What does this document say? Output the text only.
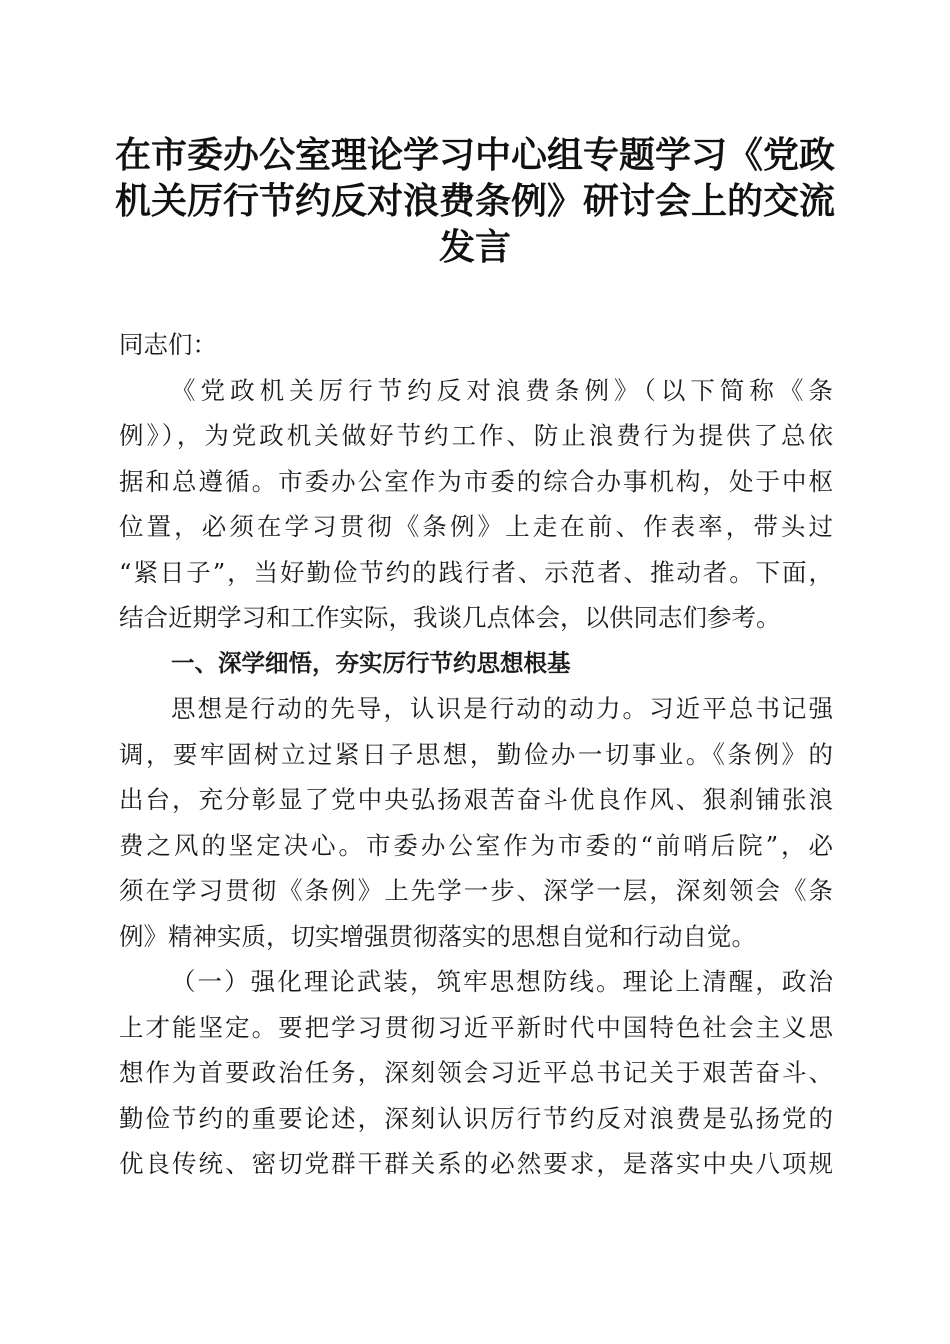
在市委办公室理论学习中心组专题学习《党政
机关厉行节约反对浪费条例》研讨会上的交流
发言
同志们：
《党政机关厉行节约反对浪费条例》（以下简称《条
例》），为党政机关做好节约工作、防止浪费行为提供了总依
据和总遵循。市委办公室作为市委的综合办事机构，处于中枢
位置，必须在学习贯彻《条例》上走在前、作表率，带头过
“紧日子”，当好勤俭节约的践行者、示范者、推动者。下面，
结合近期学习和工作实际，我谈几点体会，以供同志们参考。
一、深学细悟，夯实厉行节约思想根基
思想是行动的先导，认识是行动的动力。习近平总书记强
调，要牢固树立过紧日子思想，勤俭办一切事业。《条例》的
出台，充分彰显了党中央弘扬艰苦奋斗优良作风、狠刹铺张浪
费之风的坚定决心。市委办公室作为市委的“前哨后院”，必
须在学习贯彻《条例》上先学一步、深学一层，深刻领会《条
例》精神实质，切实增强贯彻落实的思想自觉和行动自觉。
（一）强化理论武装，筑牢思想防线。理论上清醒，政治
上才能坚定。要把学习贯彻习近平新时代中国特色社会主义思
想作为首要政治任务，深刻领会习近平总书记关于艰苦奋斗、
勤俭节约的重要论述，深刻认识厉行节约反对浪费是弘扬党的
优良传统、密切党群干群关系的必然要求，是落实中央八项规
